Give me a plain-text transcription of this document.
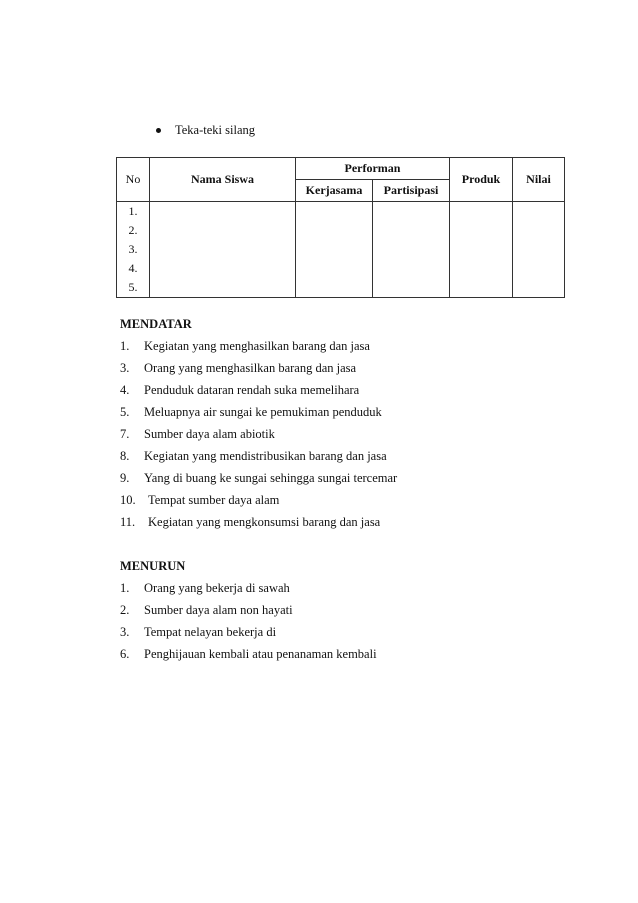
Teka-teki silang
No	Nama Siswa	Performan		Produk	Nilai
		Kerjasama	Partisipasi		

1.
2.
3.
4.
5.					

MENDATAR
1.	Kegiatan yang menghasilkan barang dan jasa
3.	Orang yang menghasilkan barang dan jasa
4.	Penduduk dataran rendah suka memelihara
5.	Meluapnya air sungai ke pemukiman penduduk
7.	Sumber daya alam abiotik
8.	Kegiatan yang mendistribusikan barang dan jasa
9.	Yang di buang ke sungai sehingga sungai tercemar
10. Tempat sumber daya alam
11.	Kegiatan yang mengkonsumsi barang dan jasa
MENURUN
1.	Orang yang bekerja di sawah
2.	Sumber daya alam non hayati
3.	Tempat nelayan bekerja di
6.	Penghijauan kembali atau penanaman kembali
